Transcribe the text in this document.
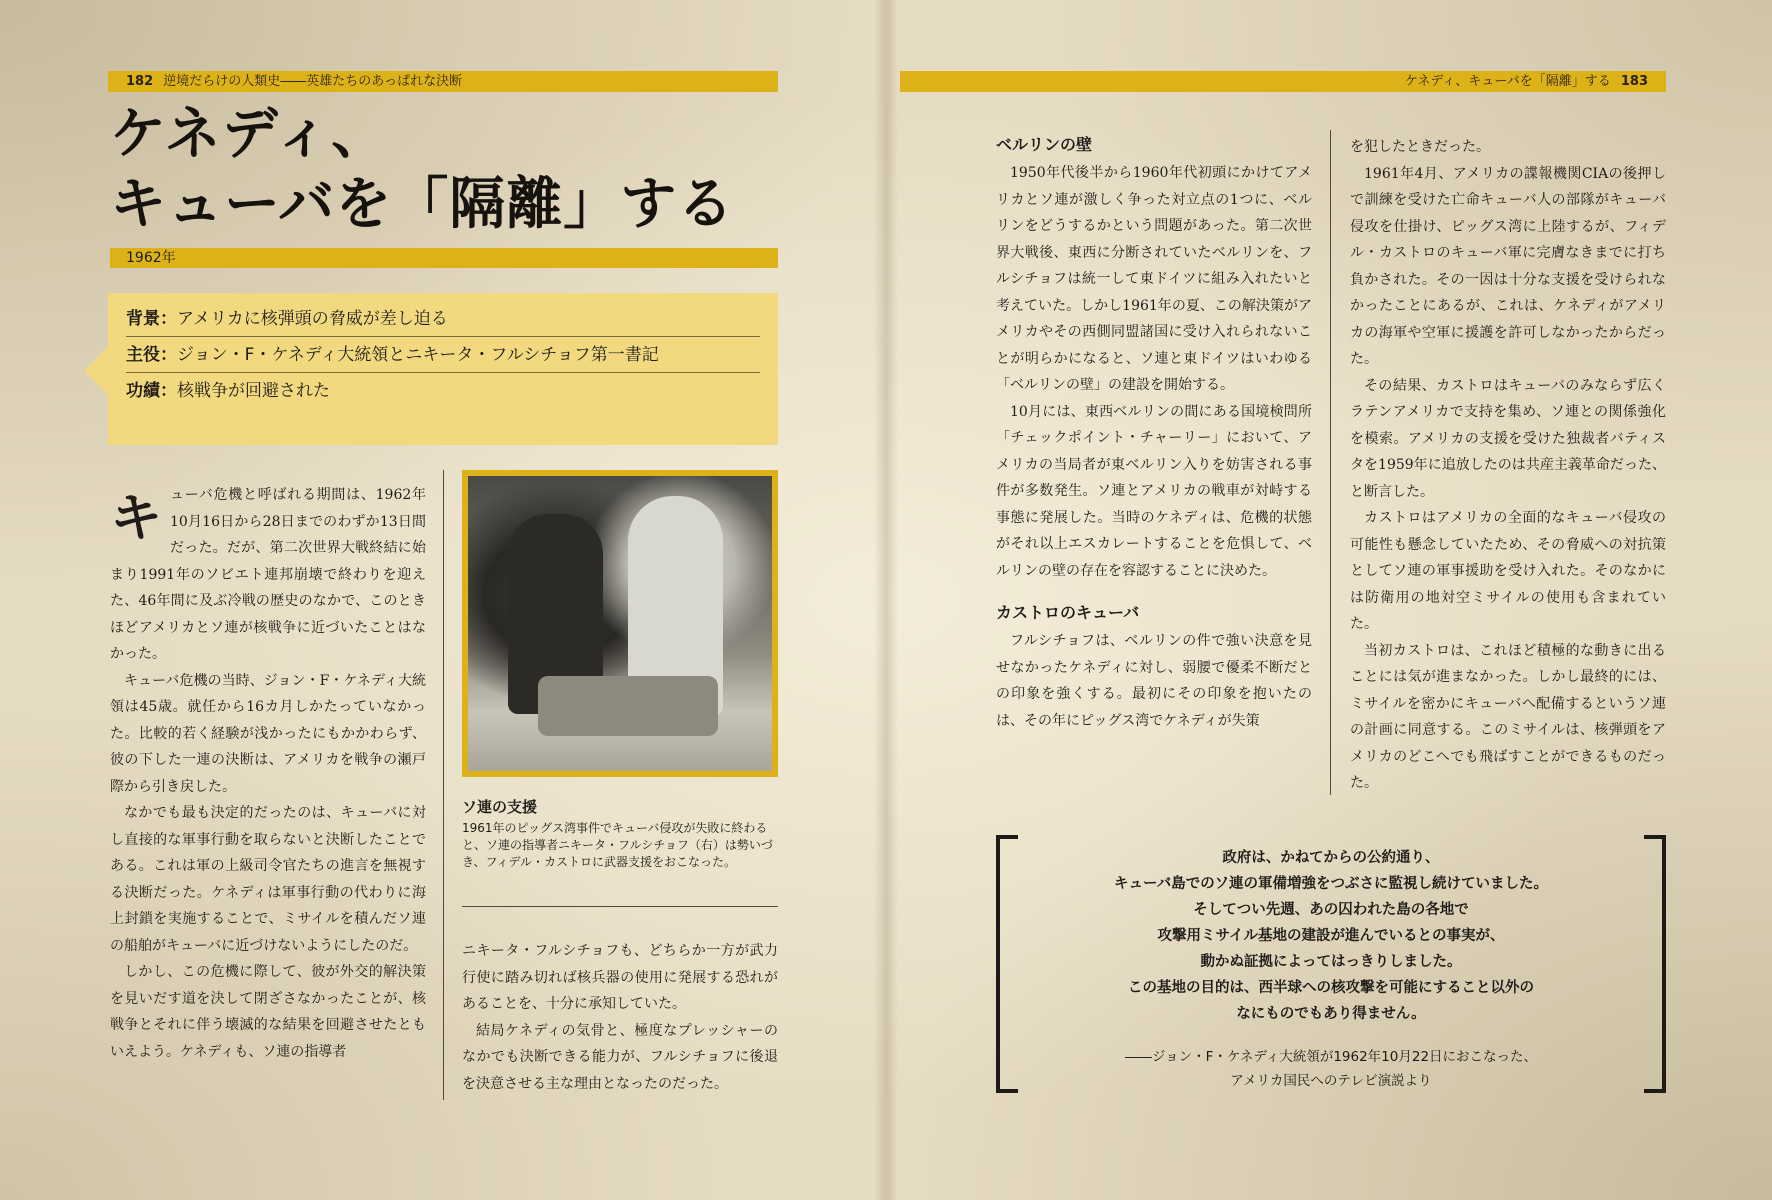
182 逆境だらけの人類史――英雄たちのあっぱれな決断	ケネディ、キューバを「隔離」する 183
ケネディ、
キューバを「隔離」する
1962年
背景：アメリカに核弾頭の脅威が差し迫る
主役：ジョン・F・ケネディ大統領とニキータ・フルシチョフ第一書記
功績：核戦争が回避された

キューバ危機と呼ばれる期間は、1962年10月16日から28日までのわずか13日間だった。だが、第二次世界大戦終結に始まり1991年のソビエト連邦崩壊で終わりを迎えた、46年間に及ぶ冷戦の歴史のなかで、このときほどアメリカとソ連が核戦争に近づいたことはなかった。

キューバ危機の当時、ジョン・F・ケネディ大統領は45歳。就任から16カ月しかたっていなかった。比較的若く経験が浅かったにもかかわらず、彼の下した一連の決断は、アメリカを戦争の瀬戸際から引き戻した。

なかでも最も決定的だったのは、キューバに対し直接的な軍事行動を取らないと決断したことである。これは軍の上級司令官たちの進言を無視する決断だった。ケネディは軍事行動の代わりに海上封鎖を実施することで、ミサイルを積んだソ連の船舶がキューバに近づけないようにしたのだ。

しかし、この危機に際して、彼が外交的解決策を見いだす道を決して閉ざさなかったことが、核戦争とそれに伴う壊滅的な結果を回避させたともいえよう。ケネディも、ソ連の指導者

ソ連の支援
1961年のピッグス湾事件でキューバ侵攻が失敗に終わると、ソ連の指導者ニキータ・フルシチョフ（右）は勢いづき、フィデル・カストロに武器支援をおこなった。

ニキータ・フルシチョフも、どちらか一方が武力行使に踏み切れば核兵器の使用に発展する恐れがあることを、十分に承知していた。

結局ケネディの気骨と、極度なプレッシャーのなかでも決断できる能力が、フルシチョフに後退を決意させる主な理由となったのだった。

ベルリンの壁

1950年代後半から1960年代初頭にかけてアメリカとソ連が激しく争った対立点の1つに、ベルリンをどうするかという問題があった。第二次世界大戦後、東西に分断されていたベルリンを、フルシチョフは統一して東ドイツに組み入れたいと考えていた。しかし1961年の夏、この解決策がアメリカやその西側同盟諸国に受け入れられないことが明らかになると、ソ連と東ドイツはいわゆる「ベルリンの壁」の建設を開始する。

10月には、東西ベルリンの間にある国境検問所「チェックポイント・チャーリー」において、アメリカの当局者が東ベルリン入りを妨害される事件が多数発生。ソ連とアメリカの戦車が対峙する事態に発展した。当時のケネディは、危機的状態がそれ以上エスカレートすることを危惧して、ベルリンの壁の存在を容認することに決めた。

カストロのキューバ

フルシチョフは、ベルリンの件で強い決意を見せなかったケネディに対し、弱腰で優柔不断だとの印象を強くする。最初にその印象を抱いたのは、その年にピッグス湾でケネディが失策

を犯したときだった。

1961年4月、アメリカの諜報機関CIAの後押しで訓練を受けた亡命キューバ人の部隊がキューバ侵攻を仕掛け、ピッグス湾に上陸するが、フィデル・カストロのキューバ軍に完膚なきまでに打ち負かされた。その一因は十分な支援を受けられなかったことにあるが、これは、ケネディがアメリカの海軍や空軍に援護を許可しなかったからだった。

その結果、カストロはキューバのみならず広くラテンアメリカで支持を集め、ソ連との関係強化を模索。アメリカの支援を受けた独裁者バティスタを1959年に追放したのは共産主義革命だった、と断言した。

カストロはアメリカの全面的なキューバ侵攻の可能性も懸念していたため、その脅威への対抗策としてソ連の軍事援助を受け入れた。そのなかには防衛用の地対空ミサイルの使用も含まれていた。

当初カストロは、これほど積極的な動きに出ることには気が進まなかった。しかし最終的には、ミサイルを密かにキューバへ配備するというソ連の計画に同意する。このミサイルは、核弾頭をアメリカのどこへでも飛ばすことができるものだった。

政府は、かねてからの公約通り、
キューバ島でのソ連の軍備増強をつぶさに監視し続けていました。
そしてつい先週、あの囚われた島の各地で
攻撃用ミサイル基地の建設が進んでいるとの事実が、
動かぬ証拠によってはっきりしました。
この基地の目的は、西半球への核攻撃を可能にすること以外の
なにものでもあり得ません。
――ジョン・F・ケネディ大統領が1962年10月22日におこなった、
アメリカ国民へのテレビ演説より
